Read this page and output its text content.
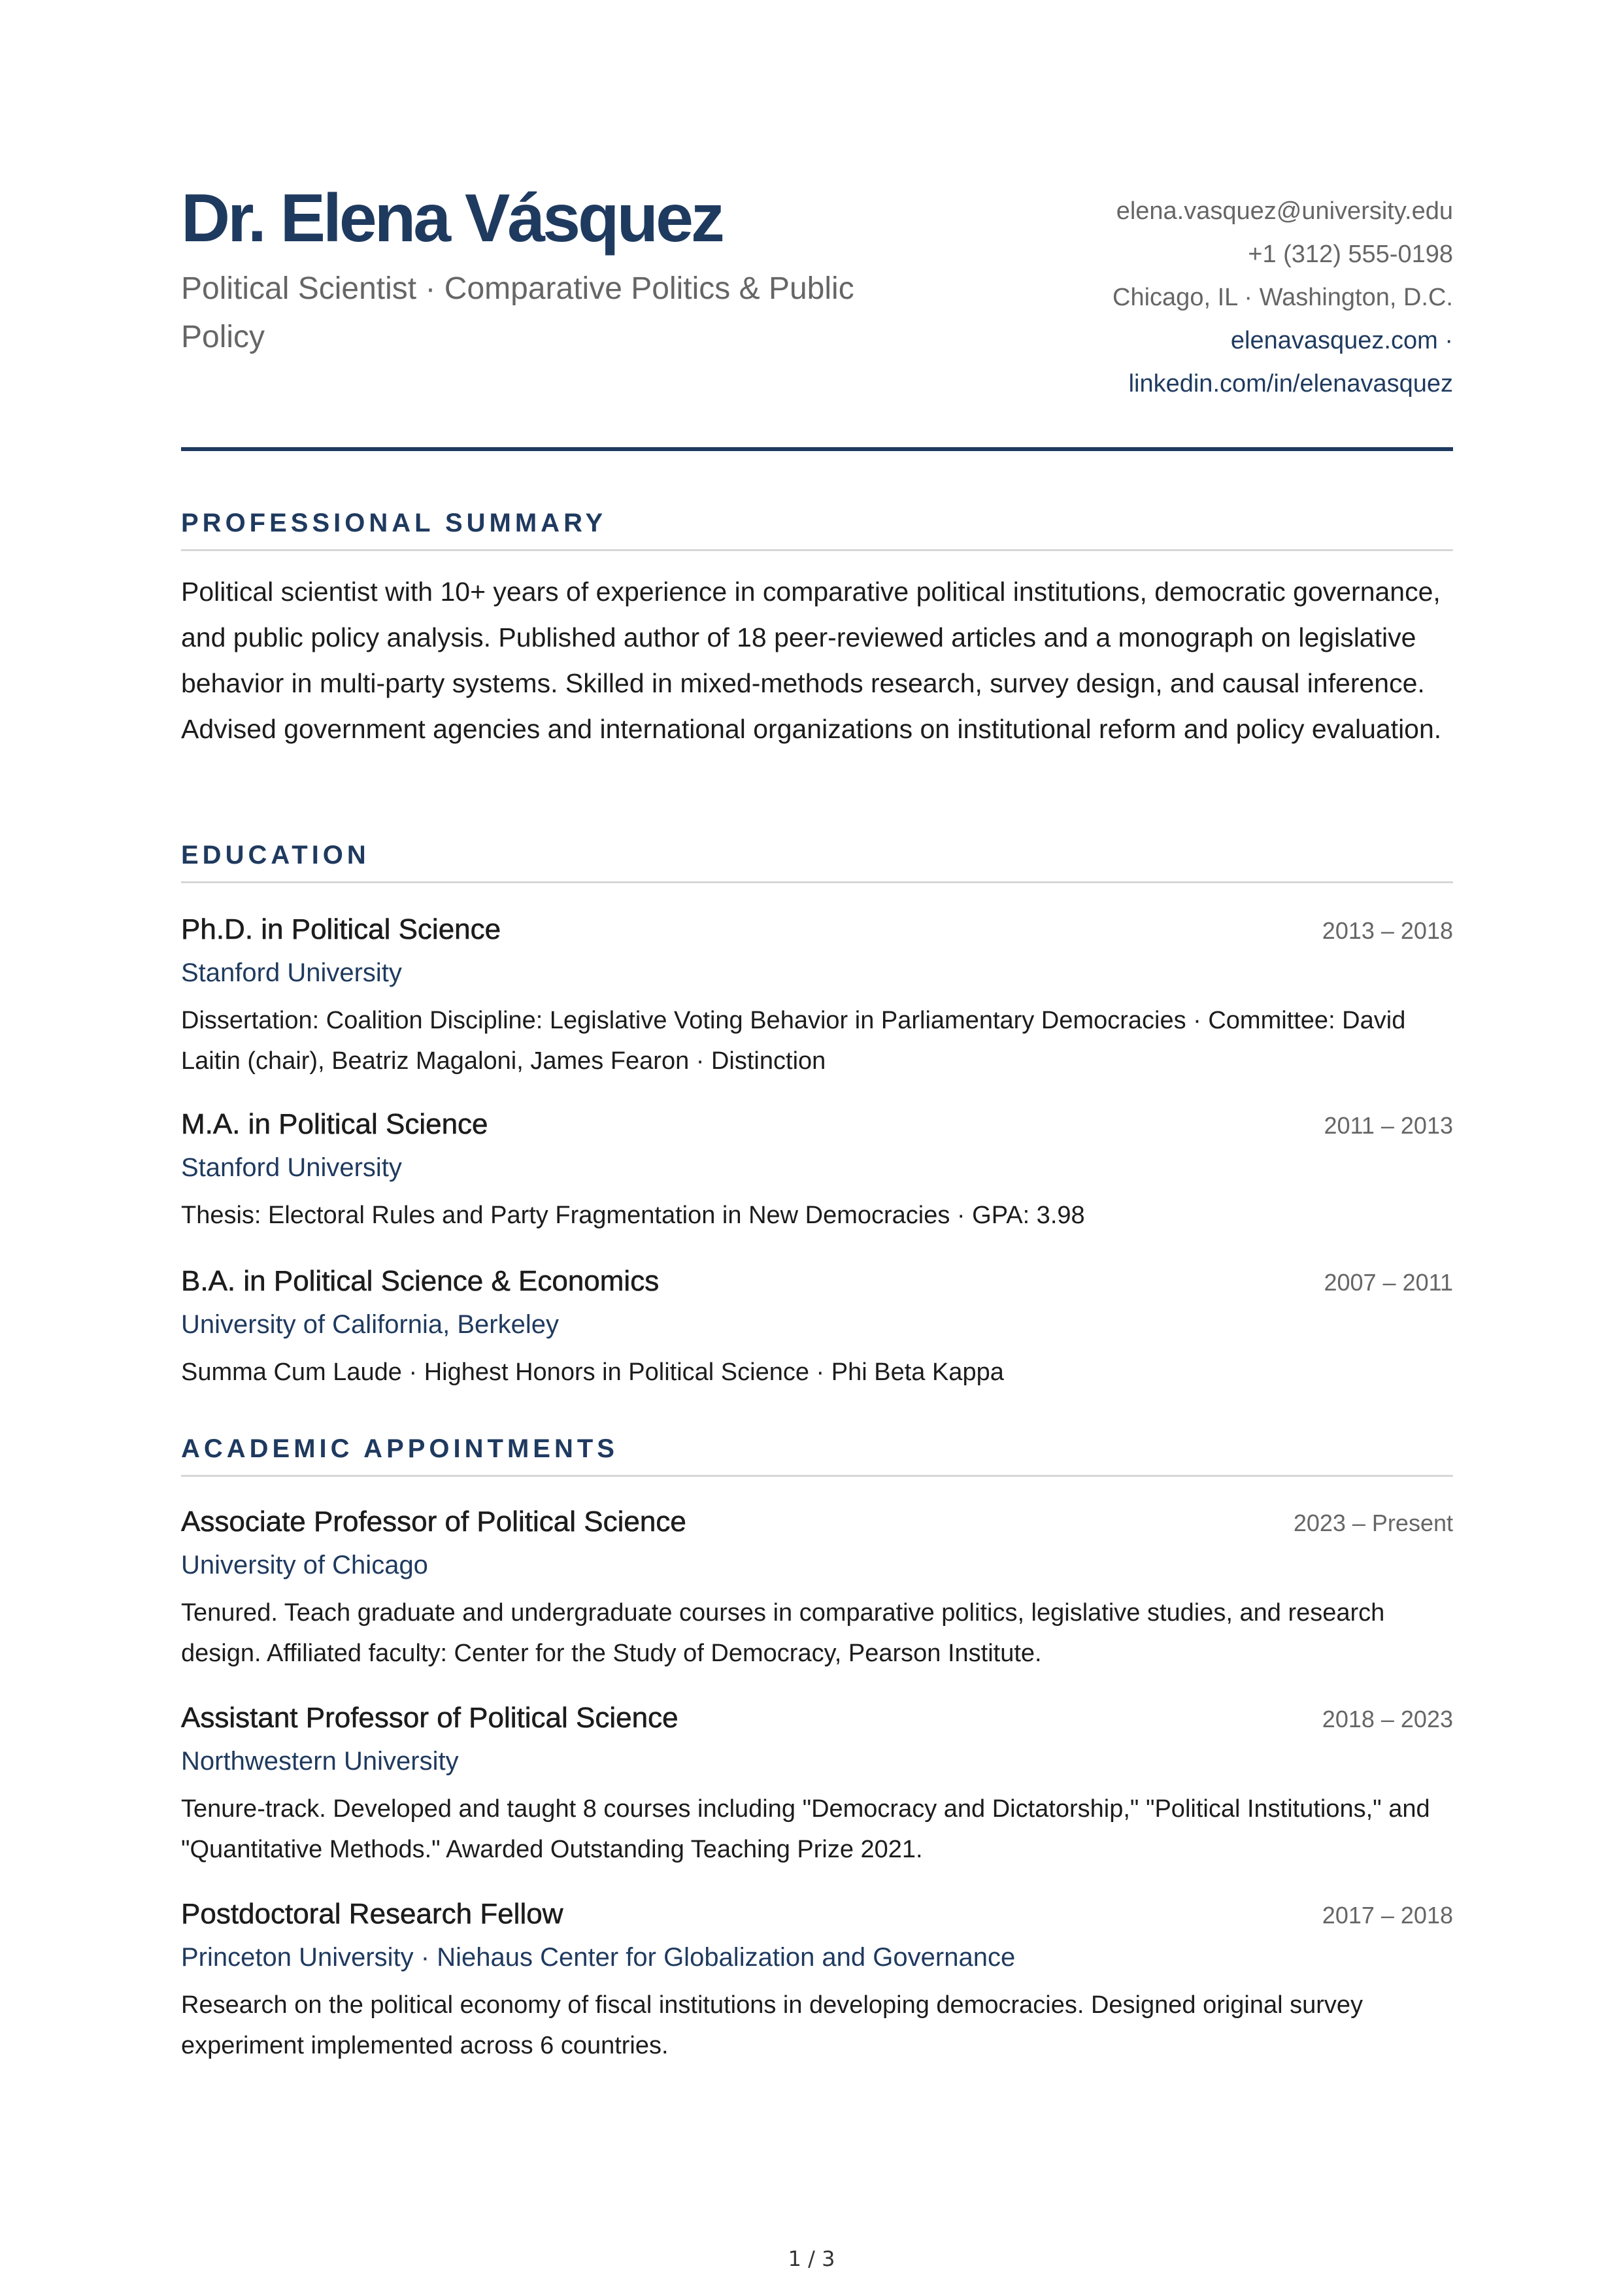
Dr. Elena Vásquez

Political Scientist · Comparative Politics & Public Policy

elena.vasquez@university.edu
+1 (312) 555-0198
Chicago, IL · Washington, D.C.
elenavasquez.com ·
linkedin.com/in/elenavasquez
PROFESSIONAL SUMMARY

Political scientist with 10+ years of experience in comparative political institutions, democratic governance, and public policy analysis. Published author of 18 peer-reviewed articles and a monograph on legislative behavior in multi-party systems. Skilled in mixed-methods research, survey design, and causal inference. Advised government agencies and international organizations on institutional reform and policy evaluation.

EDUCATION
Ph.D. in Political Science	2013 – 2018
Stanford University

Dissertation: Coalition Discipline: Legislative Voting Behavior in Parliamentary Democracies · Committee: David Laitin (chair), Beatriz Magaloni, James Fearon · Distinction

M.A. in Political Science	2011 – 2013
Stanford University

Thesis: Electoral Rules and Party Fragmentation in New Democracies · GPA: 3.98

B.A. in Political Science & Economics	2007 – 2011
University of California, Berkeley

Summa Cum Laude · Highest Honors in Political Science · Phi Beta Kappa

ACADEMIC APPOINTMENTS
Associate Professor of Political Science	2023 – Present
University of Chicago

Tenured. Teach graduate and undergraduate courses in comparative politics, legislative studies, and research design. Affiliated faculty: Center for the Study of Democracy, Pearson Institute.

Assistant Professor of Political Science	2018 – 2023
Northwestern University

Tenure-track. Developed and taught 8 courses including "Democracy and Dictatorship," "Political Institutions," and "Quantitative Methods." Awarded Outstanding Teaching Prize 2021.

Postdoctoral Research Fellow	2017 – 2018
Princeton University · Niehaus Center for Globalization and Governance

Research on the political economy of fiscal institutions in developing democracies. Designed original survey experiment implemented across 6 countries.

1 / 3
